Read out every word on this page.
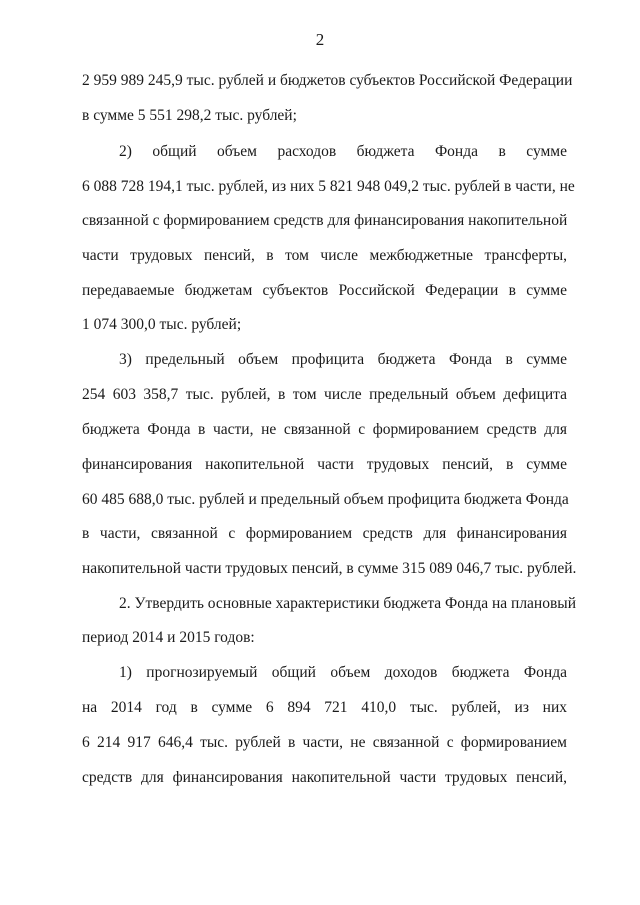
2
2 959 989 245,9 тыс. рублей и бюджетов субъектов Российской Федерации
в сумме 5 551 298,2 тыс. рублей;
2) общий объем расходов бюджета Фонда в сумме
6 088 728 194,1 тыс. рублей, из них 5 821 948 049,2 тыс. рублей в части, не
связанной с формированием средств для финансирования накопительной
части трудовых пенсий, в том числе межбюджетные трансферты,
передаваемые бюджетам субъектов Российской Федерации в сумме
1 074 300,0 тыс. рублей;
3) предельный объем профицита бюджета Фонда в сумме
254 603 358,7 тыс. рублей, в том числе предельный объем дефицита
бюджета Фонда в части, не связанной с формированием средств для
финансирования накопительной части трудовых пенсий, в сумме
60 485 688,0 тыс. рублей и предельный объем профицита бюджета Фонда
в части, связанной с формированием средств для финансирования
накопительной части трудовых пенсий, в сумме 315 089 046,7 тыс. рублей.
2. Утвердить основные характеристики бюджета Фонда на плановый
период 2014 и 2015 годов:
1) прогнозируемый общий объем доходов бюджета Фонда
на 2014 год в сумме 6 894 721 410,0 тыс. рублей, из них
6 214 917 646,4 тыс. рублей в части, не связанной с формированием
средств для финансирования накопительной части трудовых пенсий,
